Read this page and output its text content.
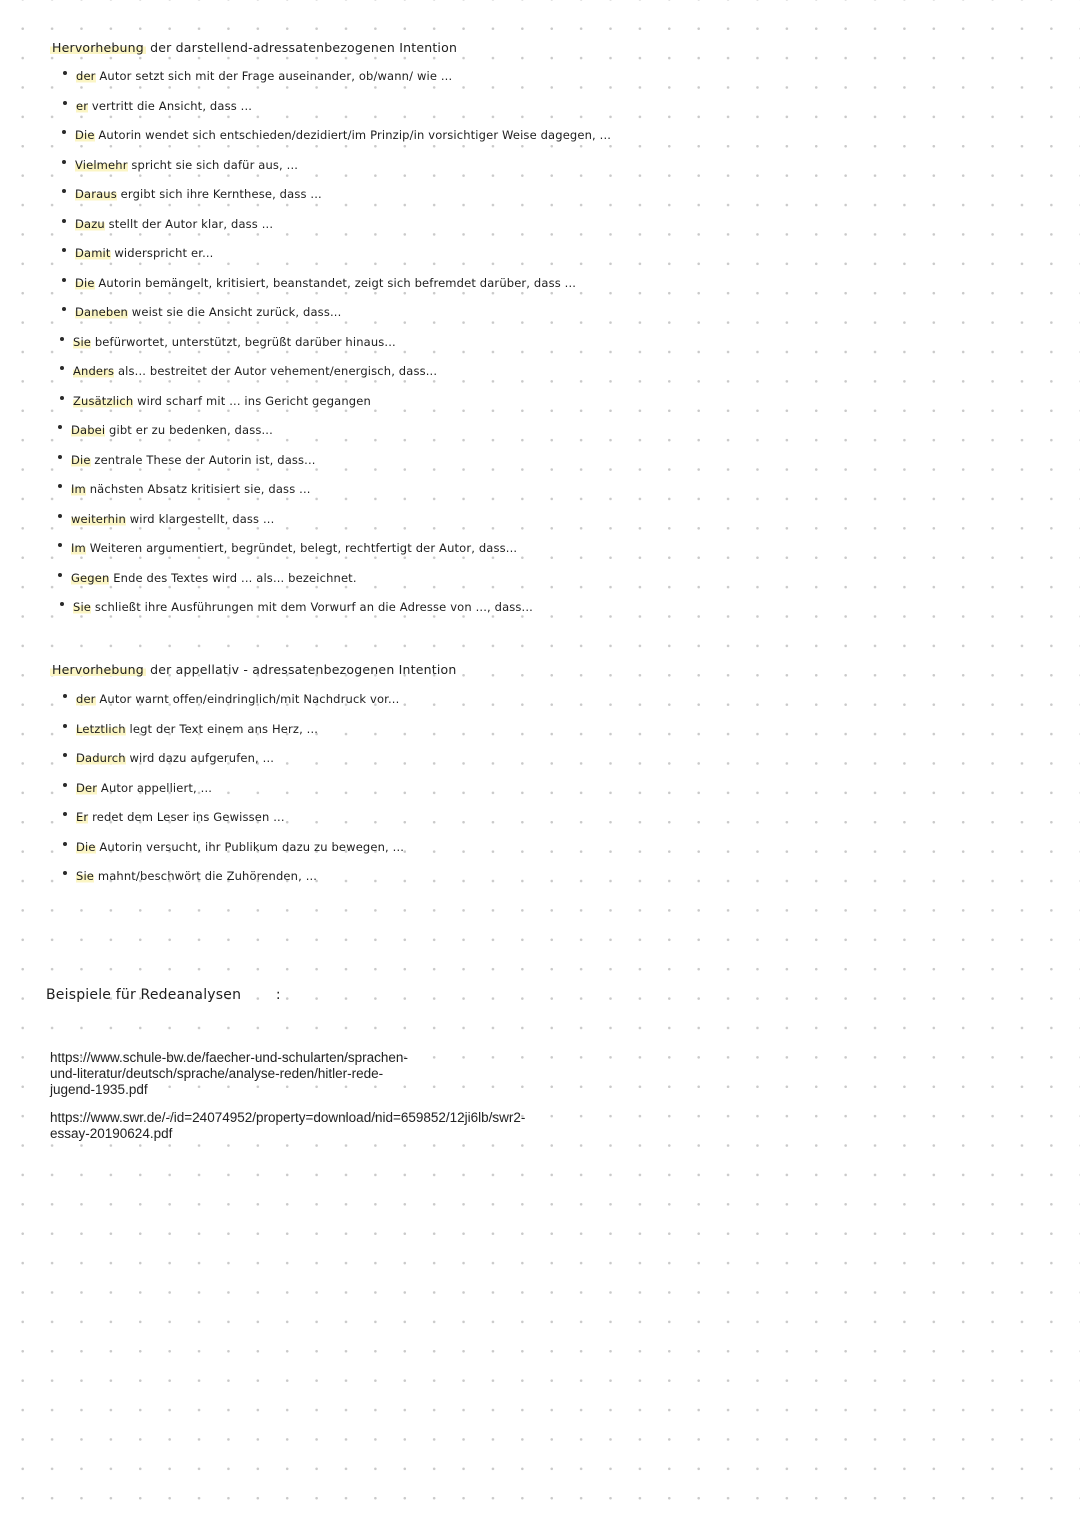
Hervorhebung der darstellend-adressatenbezogenen Intention
der Autor setzt sich mit der Frage auseinander, ob/wann/ wie ...
er vertritt die Ansicht, dass ...
Die Autorin wendet sich entschieden/dezidiert/im Prinzip/in vorsichtiger Weise dagegen, ...
Vielmehr spricht sie sich dafür aus, ...
Daraus ergibt sich ihre Kernthese, dass ...
Dazu stellt der Autor klar, dass ...
Damit widerspricht er...
Die Autorin bemängelt, kritisiert, beanstandet, zeigt sich befremdet darüber, dass ...
Daneben weist sie die Ansicht zurück, dass...
Sie befürwortet, unterstützt, begrüßt darüber hinaus...
Anders als... bestreitet der Autor vehement/energisch, dass...
Zusätzlich wird scharf mit ... ins Gericht gegangen
Dabei gibt er zu bedenken, dass...
Die zentrale These der Autorin ist, dass...
Im nächsten Absatz kritisiert sie, dass ...
weiterhin wird klargestellt, dass ...
Im Weiteren argumentiert, begründet, belegt, rechtfertigt der Autor, dass...
Gegen Ende des Textes wird ... als... bezeichnet.
Sie schließt ihre Ausführungen mit dem Vorwurf an die Adresse von ..., dass...
Hervorhebung der appellativ - adressatenbezogenen Intention
der Autor warnt offen/eindringlich/mit Nachdruck vor...
Letztlich legt der Text einem ans Herz, ...
Dadurch wird dazu aufgerufen, ...
Der Autor appelliert, ...
Er redet dem Leser ins Gewissen ...
Die Autorin versucht, ihr Publikum dazu zu bewegen, ...
Sie mahnt/beschwört die Zuhörenden, ...
Beispiele für Redeanalysen :

https://www.schule-bw.de/faecher-und-schularten/sprachen-
und-literatur/deutsch/sprache/analyse-reden/hitler-rede-
jugend-1935.pdf

https://www.swr.de/-/id=24074952/property=download/nid=659852/12ji6lb/swr2-
essay-20190624.pdf
